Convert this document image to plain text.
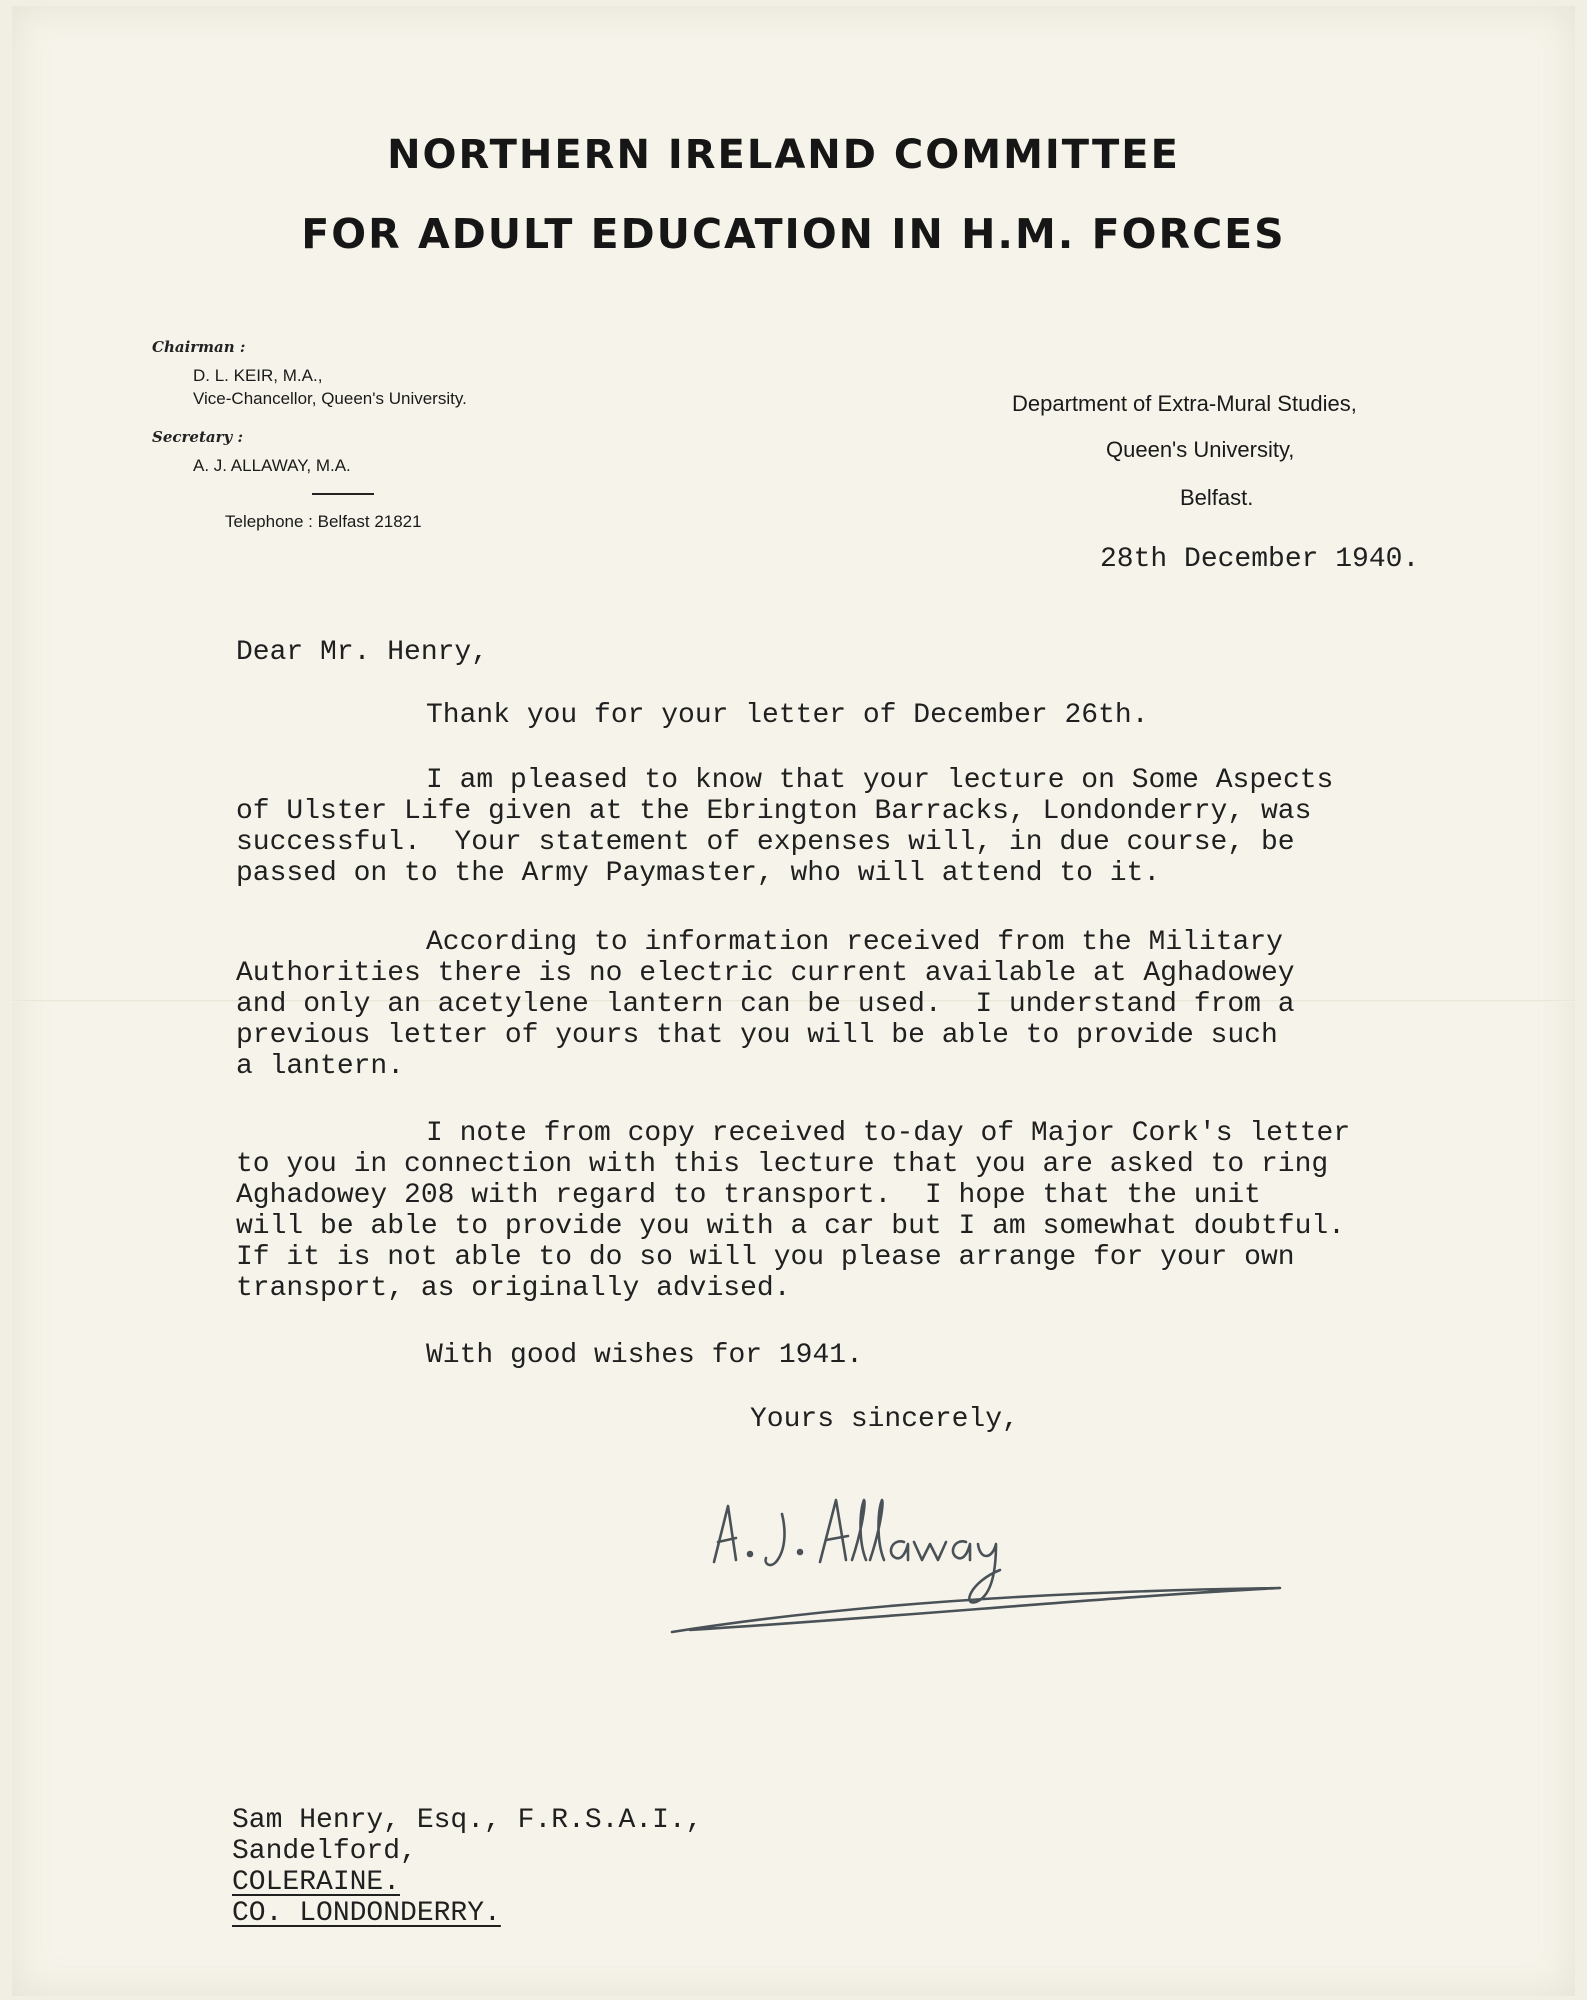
NORTHERN IRELAND COMMITTEE
FOR ADULT EDUCATION IN H.M. FORCES
Chairman :
D. L. KEIR, M.A.,
Vice-Chancellor, Queen's University.
Secretary :
A. J. ALLAWAY, M.A.
Telephone : Belfast 21821
Department of Extra-Mural Studies,
Queen's University,
Belfast.
28th December 1940.
Dear Mr. Henry,
Thank you for your letter of December 26th.
I am pleased to know that your lecture on Some Aspects
of Ulster Life given at the Ebrington Barracks, Londonderry, was
successful.  Your statement of expenses will, in due course, be
passed on to the Army Paymaster, who will attend to it.
According to information received from the Military
Authorities there is no electric current available at Aghadowey
and only an acetylene lantern can be used.  I understand from a
previous letter of yours that you will be able to provide such
a lantern.
I note from copy received to-day of Major Cork's letter
to you in connection with this lecture that you are asked to ring
Aghadowey 208 with regard to transport.  I hope that the unit
will be able to provide you with a car but I am somewhat doubtful.
If it is not able to do so will you please arrange for your own
transport, as originally advised.
With good wishes for 1941.
Yours sincerely,
Sam Henry, Esq., F.R.S.A.I.,
Sandelford,
COLERAINE.
CO. LONDONDERRY.
